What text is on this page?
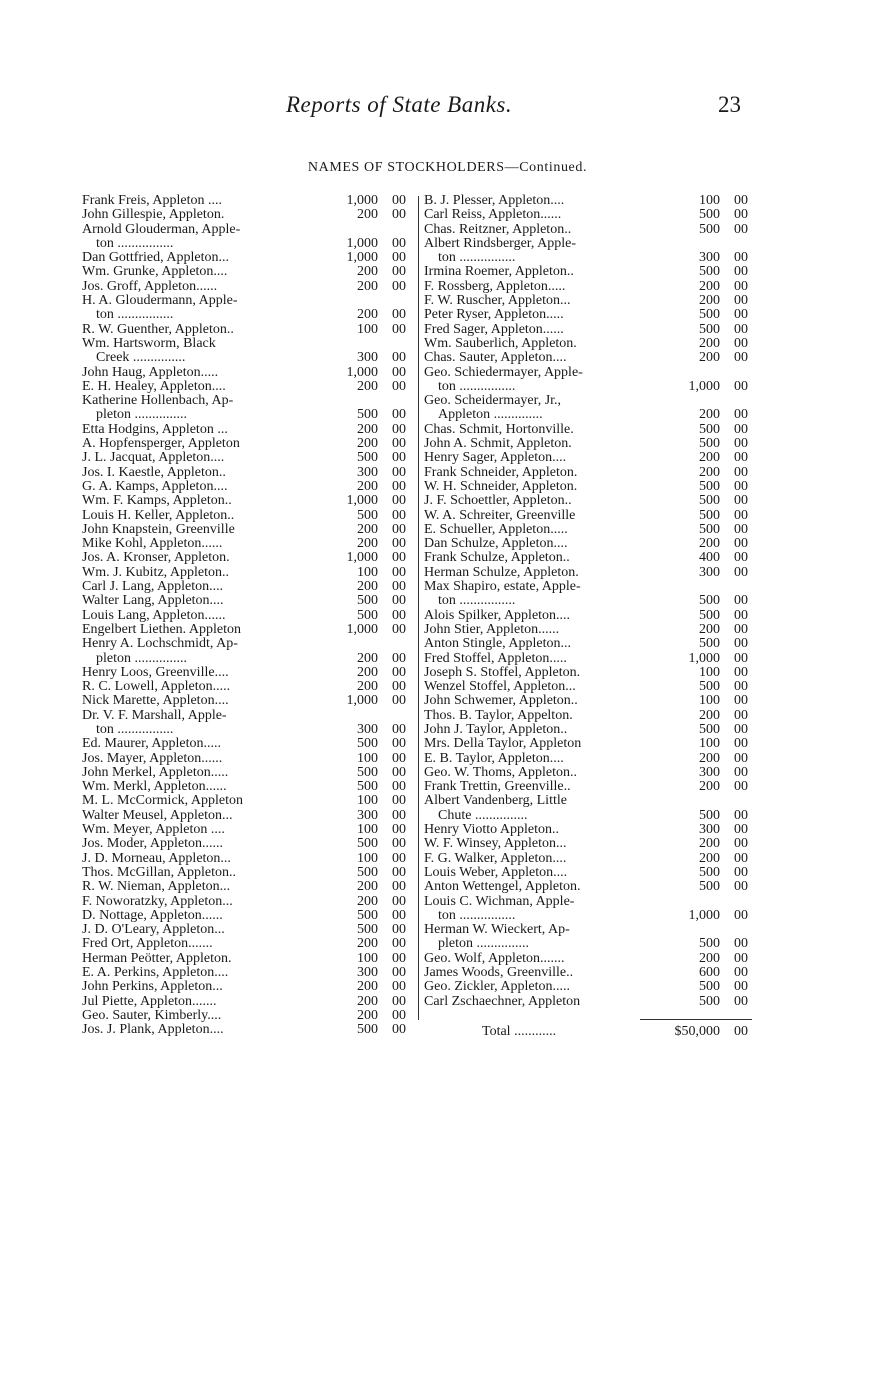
Reports of State Banks.	23
NAMES OF STOCKHOLDERS—Continued.
Frank Freis, Appleton ....	1,000	00
John Gillespie, Appleton.	200	00
Arnold Glouderman, Apple-
ton ................	1,000	00
Dan Gottfried, Appleton...	1,000	00
Wm. Grunke, Appleton....	200	00
Jos. Groff, Appleton......	200	00
H. A. Gloudermann, Apple-
ton ................	200	00
R. W. Guenther, Appleton..	100	00
Wm. Hartsworm, Black
Creek ...............	300	00
John Haug, Appleton.....	1,000	00
E. H. Healey, Appleton....	200	00
Katherine Hollenbach, Ap-
pleton ...............	500	00
Etta Hodgins, Appleton ...	200	00
A. Hopfensperger, Appleton	200	00
J. L. Jacquat, Appleton....	500	00
Jos. I. Kaestle, Appleton..	300	00
G. A. Kamps, Appleton....	200	00
Wm. F. Kamps, Appleton..	1,000	00
Louis H. Keller, Appleton..	500	00
John Knapstein, Greenville	200	00
Mike Kohl, Appleton......	200	00
Jos. A. Kronser, Appleton.	1,000	00
Wm. J. Kubitz, Appleton..	100	00
Carl J. Lang, Appleton....	200	00
Walter Lang, Appleton....	500	00
Louis Lang, Appleton......	500	00
Engelbert Liethen. Appleton	1,000	00
Henry A. Lochschmidt, Ap-
pleton ...............	200	00
Henry Loos, Greenville....	200	00
R. C. Lowell, Appleton.....	200	00
Nick Marette, Appleton....	1,000	00
Dr. V. F. Marshall, Apple-
ton ................	300	00
Ed. Maurer, Appleton.....	500	00
Jos. Mayer, Appleton......	100	00
John Merkel, Appleton.....	500	00
Wm. Merkl, Appleton......	500	00
M. L. McCormick, Appleton	100	00
Walter Meusel, Appleton...	300	00
Wm. Meyer, Appleton ....	100	00
Jos. Moder, Appleton......	500	00
J. D. Morneau, Appleton...	100	00
Thos. McGillan, Appleton..	500	00
R. W. Nieman, Appleton...	200	00
F. Noworatzky, Appleton...	200	00
D. Nottage, Appleton......	500	00
J. D. O'Leary, Appleton...	500	00
Fred Ort, Appleton.......	200	00
Herman Peötter, Appleton.	100	00
E. A. Perkins, Appleton....	300	00
John Perkins, Appleton...	200	00
Jul Piette, Appleton.......	200	00
Geo. Sauter, Kimberly....	200	00
Jos. J. Plank, Appleton....	500	00
B. J. Plesser, Appleton....	100	00
Carl Reiss, Appleton......	500	00
Chas. Reitzner, Appleton..	500	00
Albert Rindsberger, Apple-
ton ................	300	00
Irmina Roemer, Appleton..	500	00
F. Rossberg, Appleton.....	200	00
F. W. Ruscher, Appleton...	200	00
Peter Ryser, Appleton.....	500	00
Fred Sager, Appleton......	500	00
Wm. Sauberlich, Appleton.	200	00
Chas. Sauter, Appleton....	200	00
Geo. Schiedermayer, Apple-
ton ................	1,000	00
Geo. Scheidermayer, Jr.,
Appleton ..............	200	00
Chas. Schmit, Hortonville.	500	00
John A. Schmit, Appleton.	500	00
Henry Sager, Appleton....	200	00
Frank Schneider, Appleton.	200	00
W. H. Schneider, Appleton.	500	00
J. F. Schoettler, Appleton..	500	00
W. A. Schreiter, Greenville	500	00
E. Schueller, Appleton.....	500	00
Dan Schulze, Appleton....	200	00
Frank Schulze, Appleton..	400	00
Herman Schulze, Appleton.	300	00
Max Shapiro, estate, Apple-
ton ................	500	00
Alois Spilker, Appleton....	500	00
John Stier, Appleton......	200	00
Anton Stingle, Appleton...	500	00
Fred Stoffel, Appleton.....	1,000	00
Joseph S. Stoffel, Appleton.	100	00
Wenzel Stoffel, Appleton...	500	00
John Schwemer, Appleton..	100	00
Thos. B. Taylor, Appelton.	200	00
John J. Taylor, Appleton..	500	00
Mrs. Della Taylor, Appleton	100	00
E. B. Taylor, Appleton....	200	00
Geo. W. Thoms, Appleton..	300	00
Frank Trettin, Greenville..	200	00
Albert Vandenberg, Little
Chute ...............	500	00
Henry Viotto Appleton..	300	00
W. F. Winsey, Appleton...	200	00
F. G. Walker, Appleton....	200	00
Louis Weber, Appleton....	500	00
Anton Wettengel, Appleton.	500	00
Louis C. Wichman, Apple-
ton ................	1,000	00
Herman W. Wieckert, Ap-
pleton ...............	500	00
Geo. Wolf, Appleton.......	200	00
James Woods, Greenville..	600	00
Geo. Zickler, Appleton.....	500	00
Carl Zschaechner, Appleton	500	00
Total ............	$50,000	00
